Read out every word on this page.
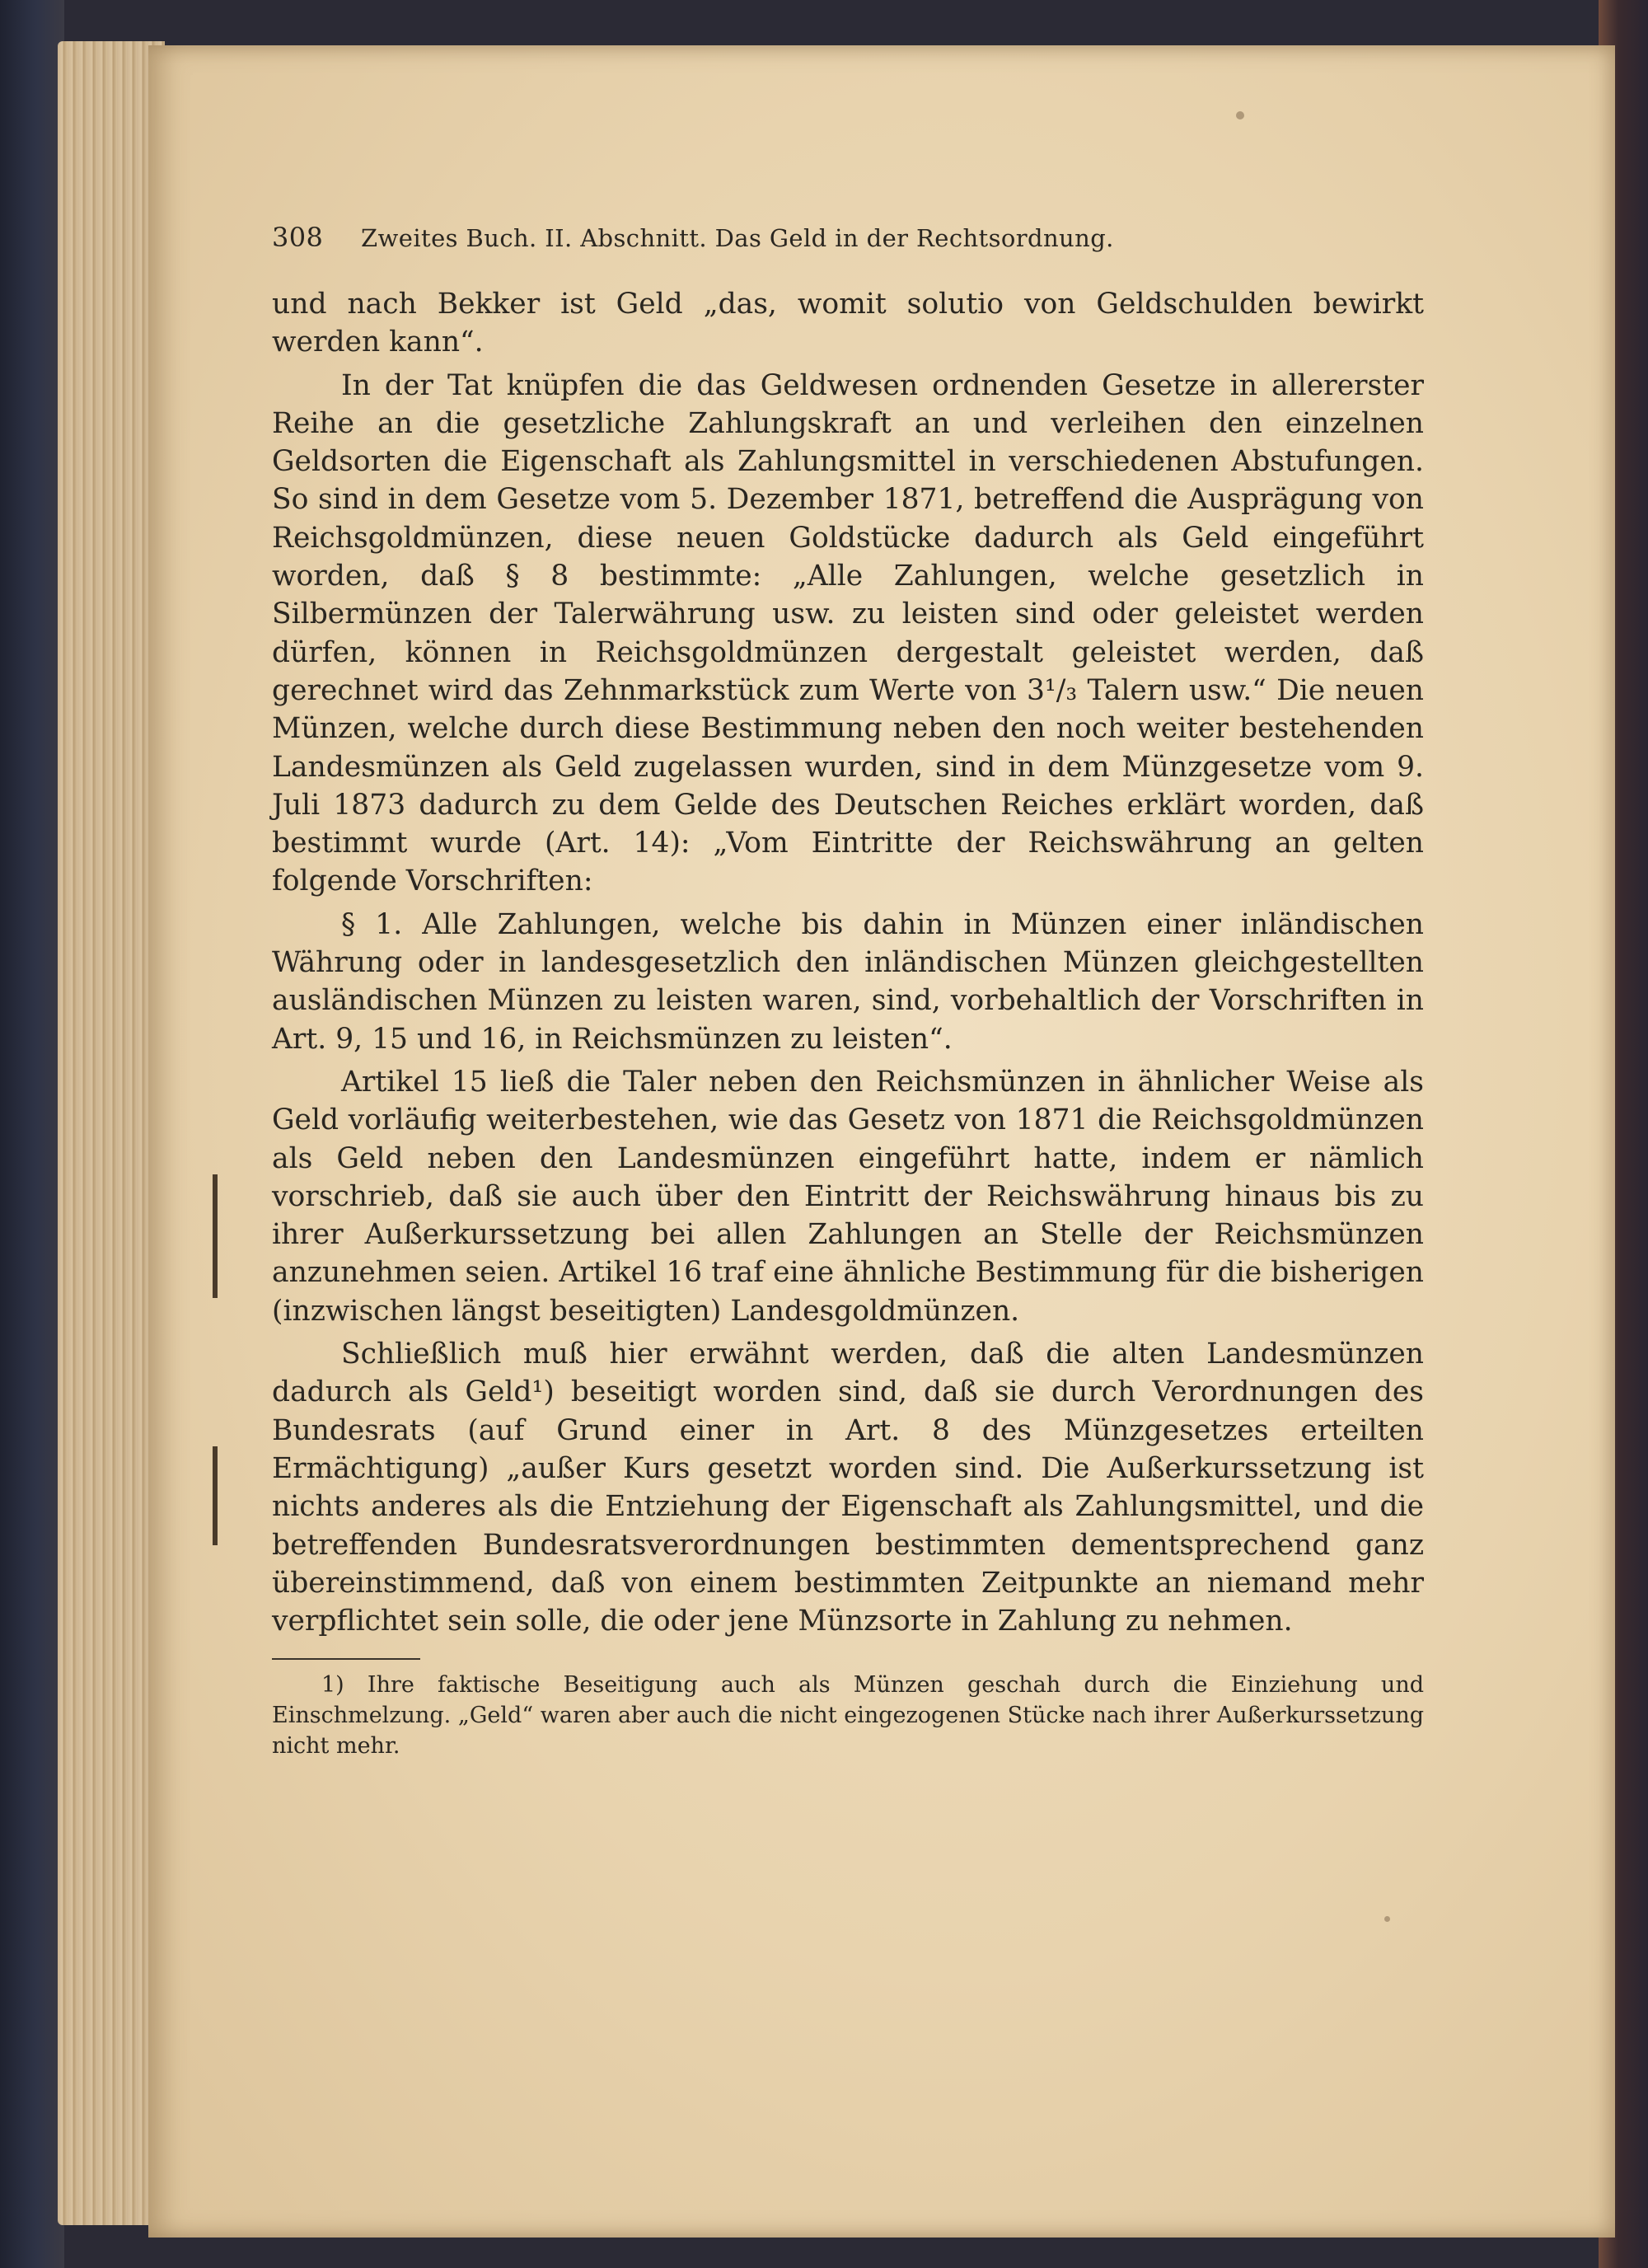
308	Zweites Buch. II. Abschnitt. Das Geld in der Rechtsordnung.

und nach Bekker ist Geld „das, womit solutio von Geldschulden bewirkt werden kann“.

In der Tat knüpfen die das Geldwesen ordnenden Gesetze in allererster Reihe an die gesetzliche Zahlungskraft an und verleihen den einzelnen Geldsorten die Eigenschaft als Zahlungsmittel in verschiedenen Abstufungen. So sind in dem Gesetze vom 5. Dezember 1871, betreffend die Ausprägung von Reichsgoldmünzen, diese neuen Goldstücke dadurch als Geld eingeführt worden, daß § 8 bestimmte: „Alle Zahlungen, welche gesetzlich in Silbermünzen der Talerwährung usw. zu leisten sind oder geleistet werden dürfen, können in Reichsgoldmünzen dergestalt geleistet werden, daß gerechnet wird das Zehnmarkstück zum Werte von 3¹/₃ Talern usw.“ Die neuen Münzen, welche durch diese Bestimmung neben den noch weiter bestehenden Landesmünzen als Geld zugelassen wurden, sind in dem Münzgesetze vom 9. Juli 1873 dadurch zu dem Gelde des Deutschen Reiches erklärt worden, daß bestimmt wurde (Art. 14): „Vom Eintritte der Reichswährung an gelten folgende Vorschriften:

§ 1. Alle Zahlungen, welche bis dahin in Münzen einer inländischen Währung oder in landesgesetzlich den inländischen Münzen gleichgestellten ausländischen Münzen zu leisten waren, sind, vorbehaltlich der Vorschriften in Art. 9, 15 und 16, in Reichsmünzen zu leisten“.

Artikel 15 ließ die Taler neben den Reichsmünzen in ähnlicher Weise als Geld vorläufig weiterbestehen, wie das Gesetz von 1871 die Reichsgoldmünzen als Geld neben den Landesmünzen eingeführt hatte, indem er nämlich vorschrieb, daß sie auch über den Eintritt der Reichswährung hinaus bis zu ihrer Außerkurssetzung bei allen Zahlungen an Stelle der Reichsmünzen anzunehmen seien. Artikel 16 traf eine ähnliche Bestimmung für die bisherigen (inzwischen längst beseitigten) Landesgoldmünzen.

Schließlich muß hier erwähnt werden, daß die alten Landesmünzen dadurch als Geld¹) beseitigt worden sind, daß sie durch Verordnungen des Bundesrats (auf Grund einer in Art. 8 des Münzgesetzes erteilten Ermächtigung) „außer Kurs gesetzt worden sind. Die Außerkurssetzung ist nichts anderes als die Entziehung der Eigenschaft als Zahlungsmittel, und die betreffenden Bundesratsverordnungen bestimmten dementsprechend ganz übereinstimmend, daß von einem bestimmten Zeitpunkte an niemand mehr verpflichtet sein solle, die oder jene Münzsorte in Zahlung zu nehmen.

1) Ihre faktische Beseitigung auch als Münzen geschah durch die Einziehung und Einschmelzung. „Geld“ waren aber auch die nicht eingezogenen Stücke nach ihrer Außerkurssetzung nicht mehr.
